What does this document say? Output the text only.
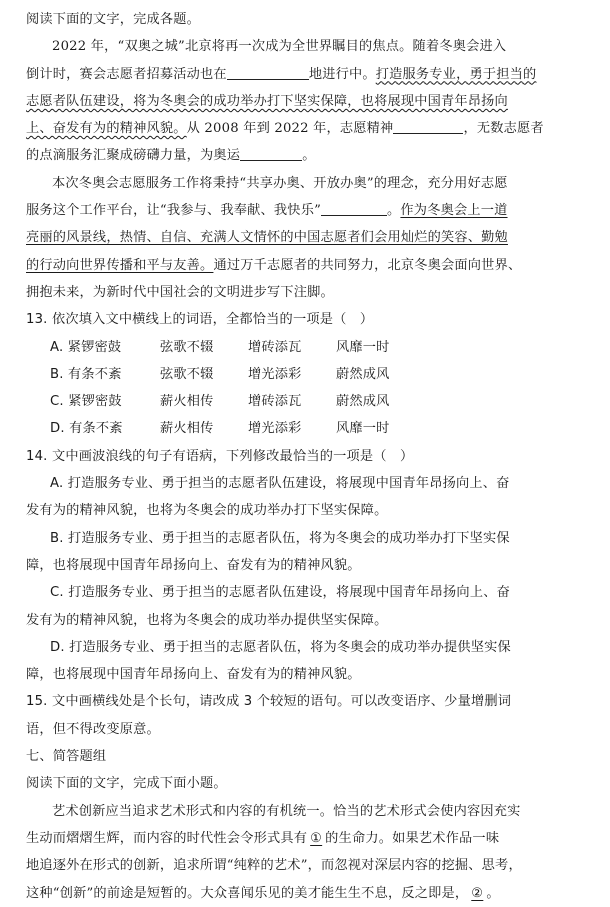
阅读下面的文字，完成各题。
2022 年，“双奥之城”北京将再一次成为全世界瞩目的焦点。随着冬奥会进入
倒计时，赛会志愿者招募活动也在	地进行中。打造服务专业，勇于担当的
志愿者队伍建设，将为冬奥会的成功举办打下坚实保障，也将展现中国青年昂扬向
上、奋发有为的精神风貌。从 2008 年到 2022 年，志愿精神	，无数志愿者
的点滴服务汇聚成磅礴力量，为奥运	。
本次冬奥会志愿服务工作将秉持“共享办奥、开放办奥”的理念，充分用好志愿
服务这个工作平台，让“我参与、我奉献、我快乐”	。作为冬奥会上一道
亮丽的风景线，热情、自信、充满人文情怀的中国志愿者们会用灿烂的笑容、勤勉
的行动向世界传播和平与友善。通过万千志愿者的共同努力，北京冬奥会面向世界、
拥抱未来，为新时代中国社会的文明进步写下注脚。
13. 依次填入文中横线上的词语，全都恰当的一项是（　）
A. 紧锣密鼓	弦歌不辍	增砖添瓦	风靡一时
B. 有条不紊	弦歌不辍	增光添彩	蔚然成风
C. 紧锣密鼓	薪火相传	增砖添瓦	蔚然成风
D. 有条不紊	薪火相传	增光添彩	风靡一时
14. 文中画波浪线的句子有语病，下列修改最恰当的一项是（　）
A. 打造服务专业、勇于担当的志愿者队伍建设，将展现中国青年昂扬向上、奋
发有为的精神风貌，也将为冬奥会的成功举办打下坚实保障。
B. 打造服务专业、勇于担当的志愿者队伍，将为冬奥会的成功举办打下坚实保
障，也将展现中国青年昂扬向上、奋发有为的精神风貌。
C. 打造服务专业、勇于担当的志愿者队伍建设，将展现中国青年昂扬向上、奋
发有为的精神风貌，也将为冬奥会的成功举办提供坚实保障。
D. 打造服务专业、勇于担当的志愿者队伍，将为冬奥会的成功举办提供坚实保
障，也将展现中国青年昂扬向上、奋发有为的精神风貌。
15. 文中画横线处是个长句，请改成 3 个较短的语句。可以改变语序、少量增删词
语，但不得改变原意。
七、简答题组
阅读下面的文字，完成下面小题。
艺术创新应当追求艺术形式和内容的有机统一。恰当的艺术形式会使内容因充实
生动而熠熠生辉，而内容的时代性会令形式具有 ① 的生命力。如果艺术作品一味
地追逐外在形式的创新，追求所谓“纯粹的艺术”，而忽视对深层内容的挖掘、思考，
这种“创新”的前途是短暂的。大众喜闻乐见的美才能生生不息，反之即是， ② 。
